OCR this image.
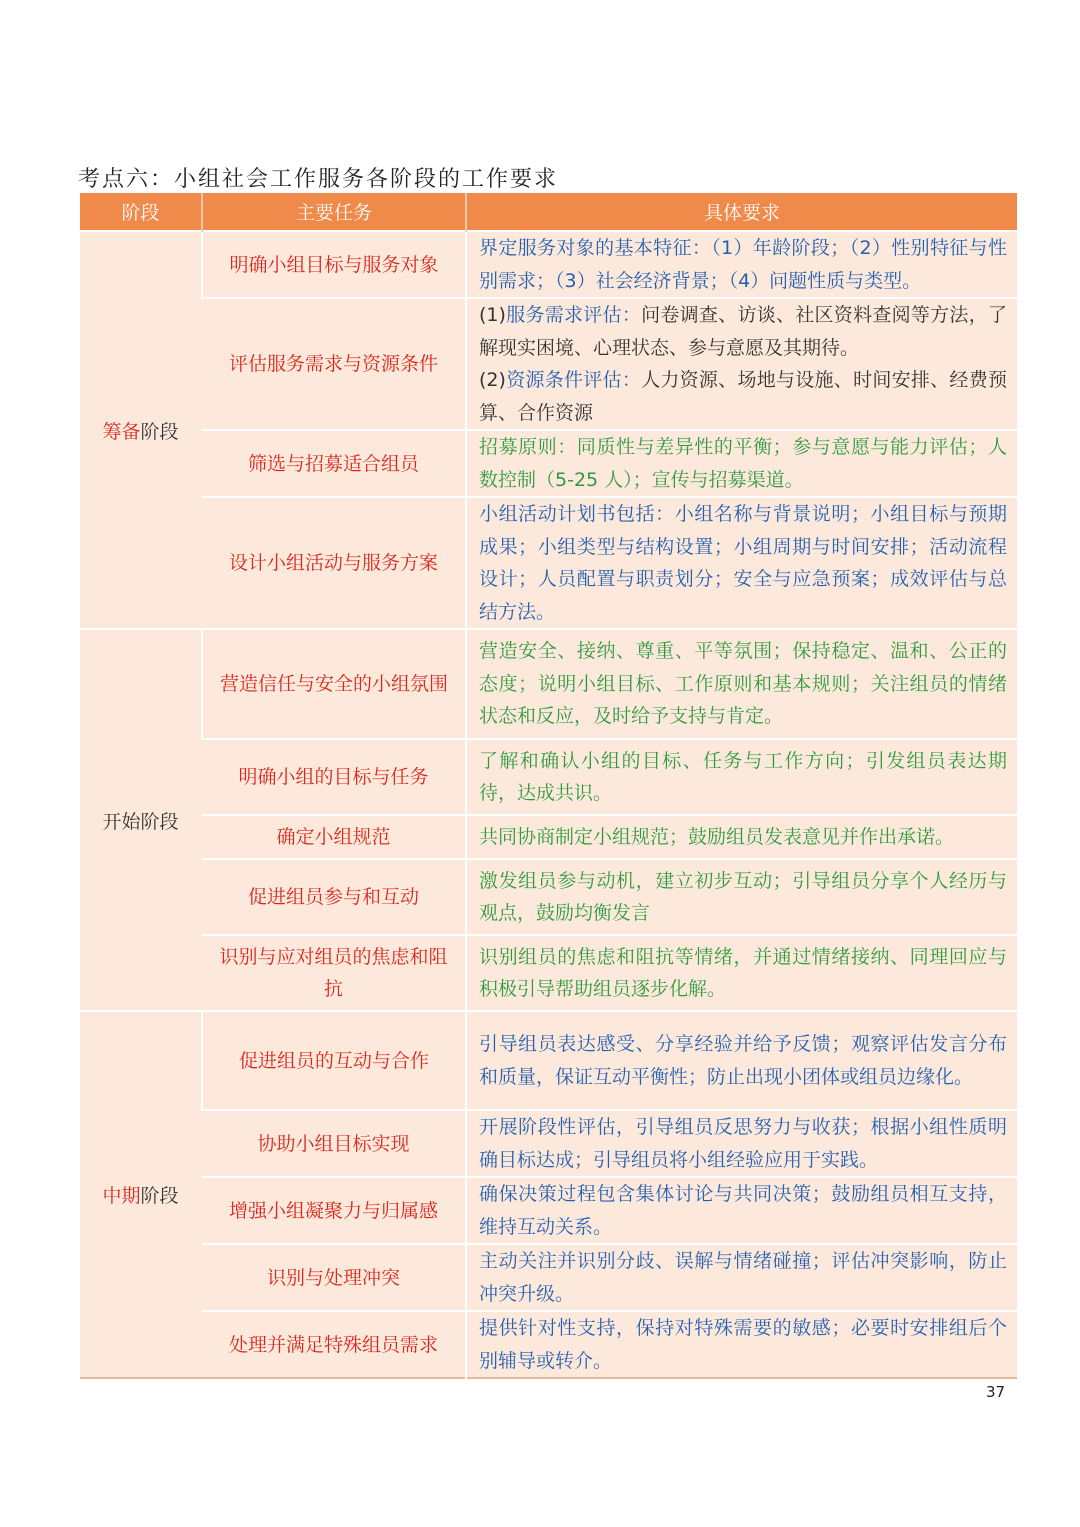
考点六：小组社会工作服务各阶段的工作要求
阶段	主要任务	具体要求
筹备阶段	明确小组目标与服务对象	界定服务对象的基本特征：（1）年龄阶段；（2）性别特征与性别需求；（3）社会经济背景；（4）问题性质与类型。
	评估服务需求与资源条件	(1)服务需求评估：问卷调查、访谈、社区资料查阅等方法，了解现实困境、心理状态、参与意愿及其期待。
(2)资源条件评估：人力资源、场地与设施、时间安排、经费预算、合作资源
	筛选与招募适合组员	招募原则：同质性与差异性的平衡；参与意愿与能力评估；人数控制（5-25 人）；宣传与招募渠道。
	设计小组活动与服务方案	小组活动计划书包括：小组名称与背景说明；小组目标与预期成果；小组类型与结构设置；小组周期与时间安排；活动流程设计；人员配置与职责划分；安全与应急预案；成效评估与总结方法。
开始阶段	营造信任与安全的小组氛围	营造安全、接纳、尊重、平等氛围；保持稳定、温和、公正的态度；说明小组目标、工作原则和基本规则；关注组员的情绪状态和反应，及时给予支持与肯定。
	明确小组的目标与任务	了解和确认小组的目标、任务与工作方向；引发组员表达期待，达成共识。
	确定小组规范	共同协商制定小组规范；鼓励组员发表意见并作出承诺。
	促进组员参与和互动	激发组员参与动机，建立初步互动；引导组员分享个人经历与观点，鼓励均衡发言
	识别与应对组员的焦虑和阻抗	识别组员的焦虑和阻抗等情绪，并通过情绪接纳、同理回应与积极引导帮助组员逐步化解。
中期阶段	促进组员的互动与合作	引导组员表达感受、分享经验并给予反馈；观察评估发言分布和质量，保证互动平衡性；防止出现小团体或组员边缘化。
	协助小组目标实现	开展阶段性评估，引导组员反思努力与收获；根据小组性质明确目标达成；引导组员将小组经验应用于实践。
	增强小组凝聚力与归属感	确保决策过程包含集体讨论与共同决策；鼓励组员相互支持，维持互动关系。
	识别与处理冲突	主动关注并识别分歧、误解与情绪碰撞；评估冲突影响，防止冲突升级。
	处理并满足特殊组员需求	提供针对性支持，保持对特殊需要的敏感；必要时安排组后个别辅导或转介。
37
